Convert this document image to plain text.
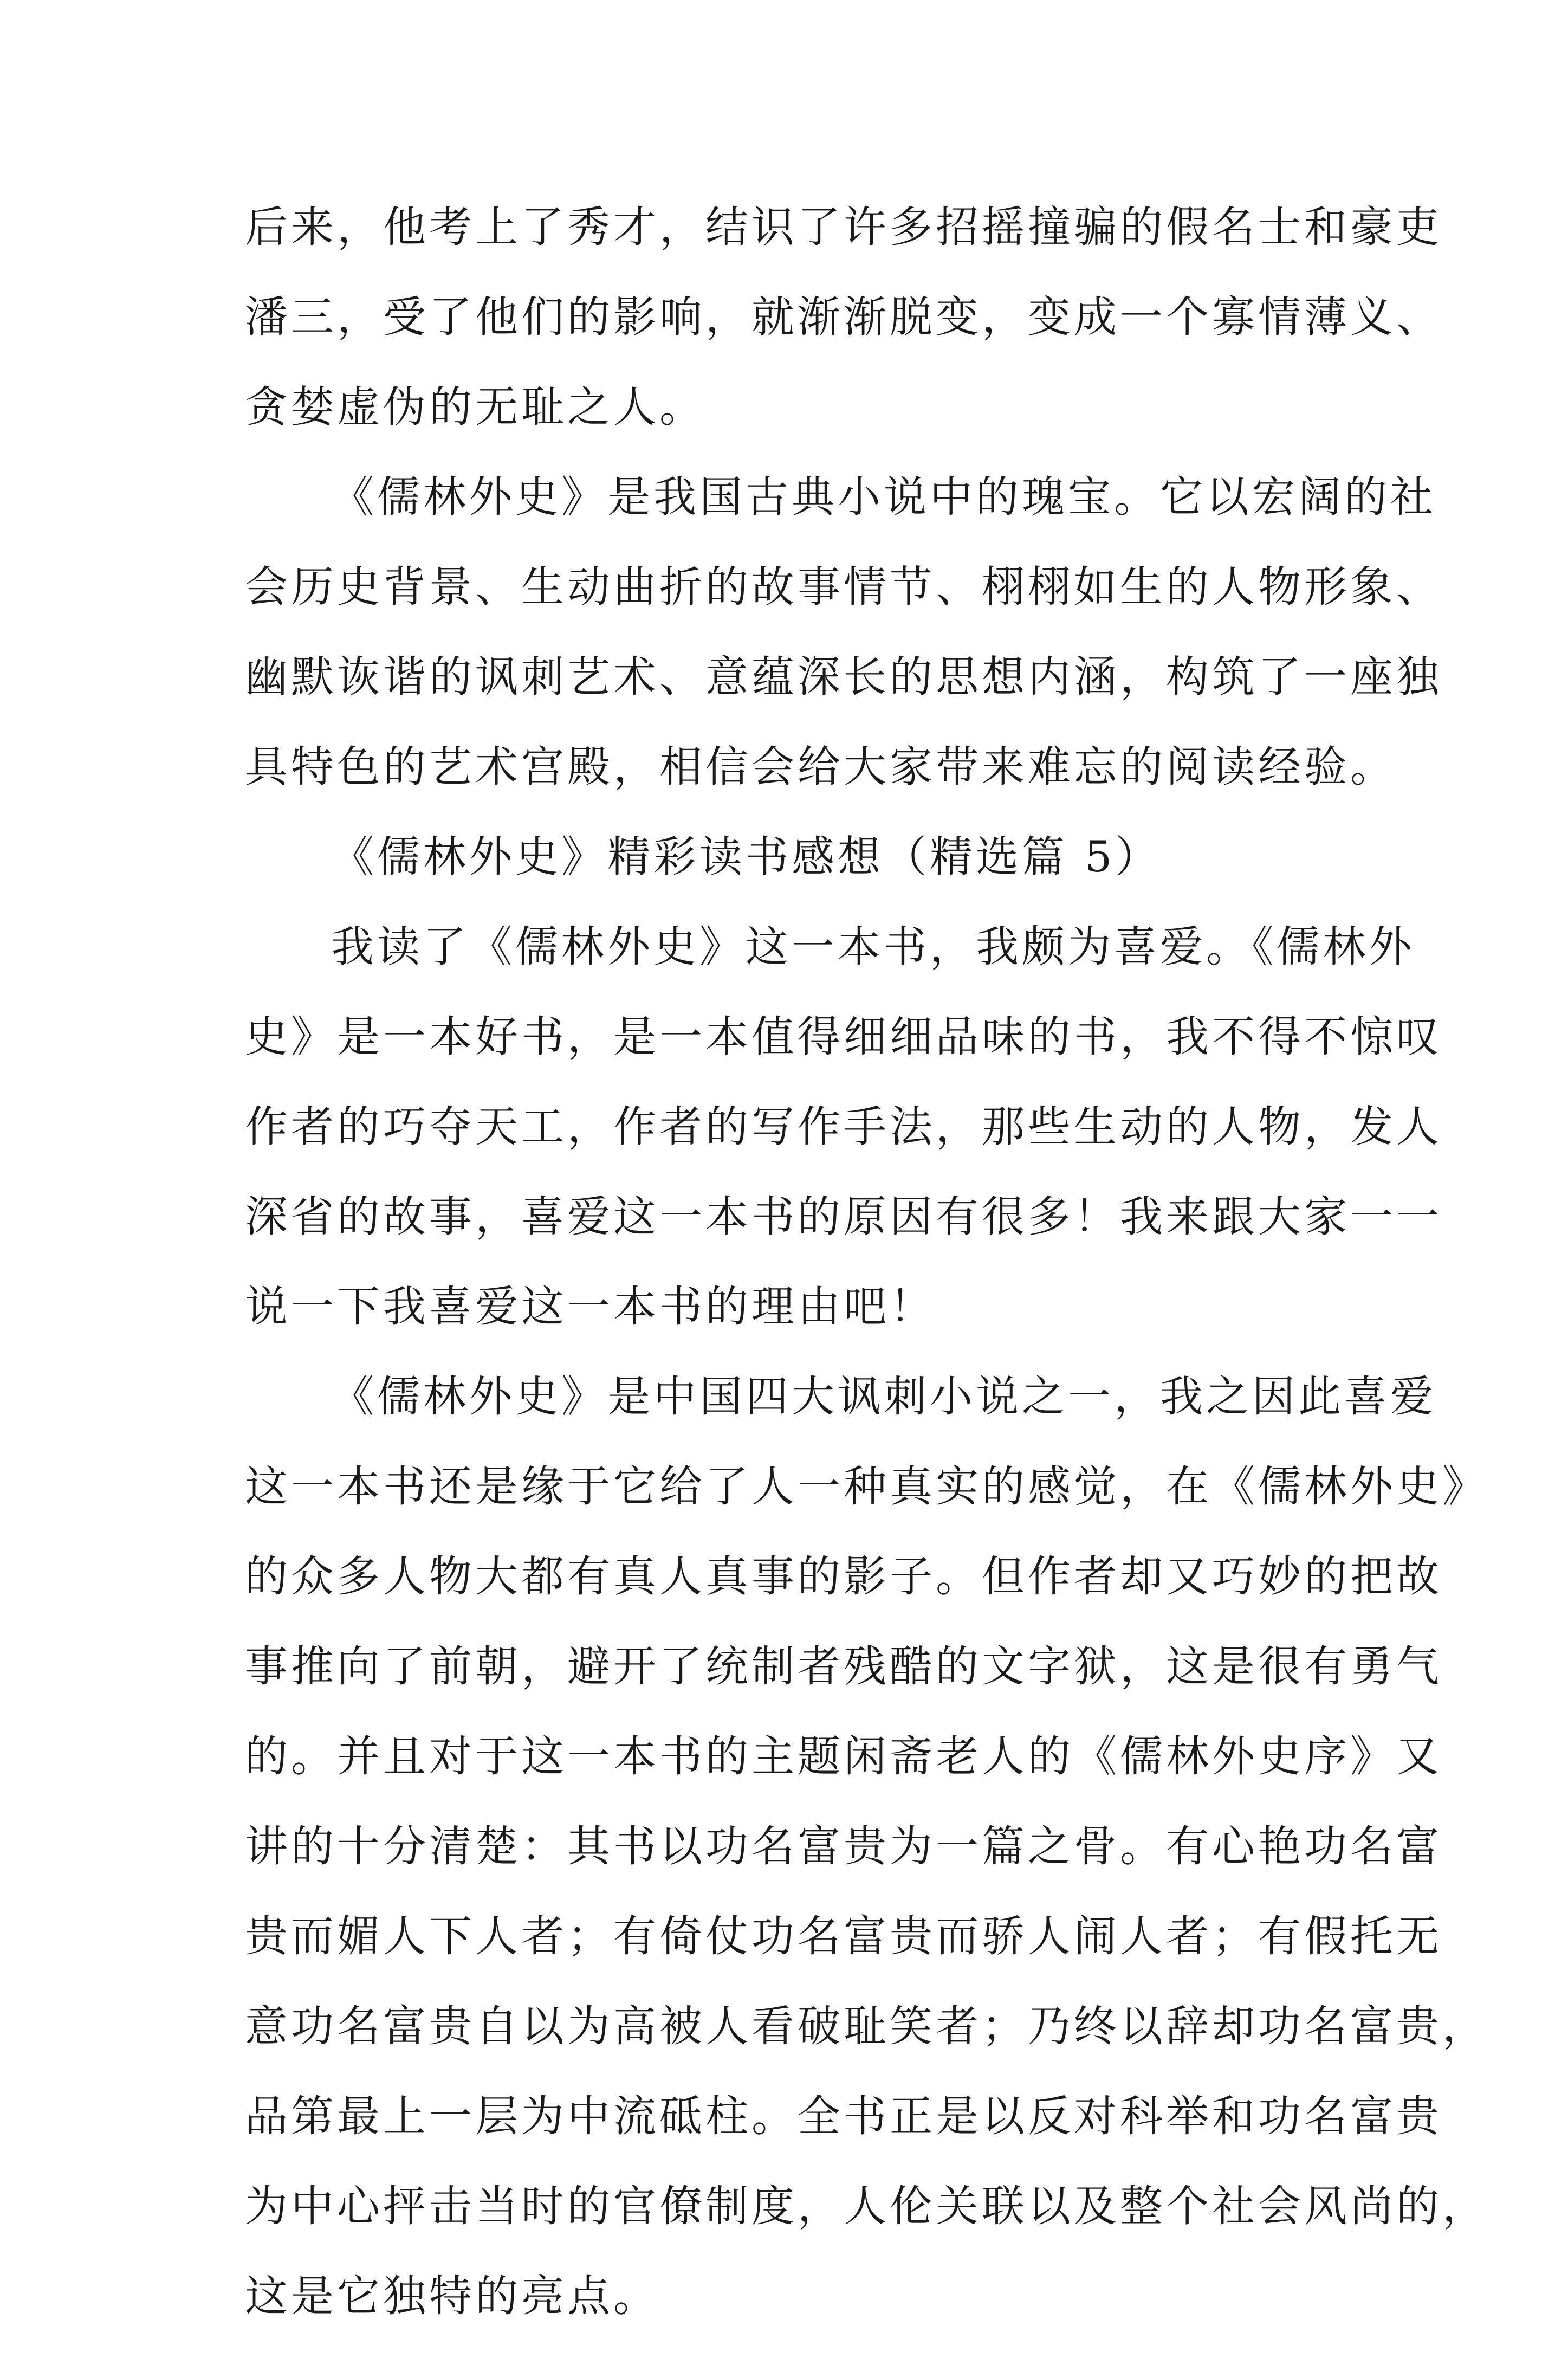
后来，他考上了秀才，结识了许多招摇撞骗的假名士和豪吏
潘三，受了他们的影响，就渐渐脱变，变成一个寡情薄义、
贪婪虚伪的无耻之人。
《儒林外史》是我国古典小说中的瑰宝。它以宏阔的社
会历史背景、生动曲折的故事情节、栩栩如生的人物形象、
幽默诙谐的讽刺艺术、意蕴深长的思想内涵，构筑了一座独
具特色的艺术宫殿，相信会给大家带来难忘的阅读经验。
《儒林外史》精彩读书感想（精选篇 5）
我读了《儒林外史》这一本书，我颇为喜爱。《儒林外
史》是一本好书，是一本值得细细品味的书，我不得不惊叹
作者的巧夺天工，作者的写作手法，那些生动的人物，发人
深省的故事，喜爱这一本书的原因有很多！我来跟大家一一
说一下我喜爱这一本书的理由吧！
《儒林外史》是中国四大讽刺小说之一，我之因此喜爱
这一本书还是缘于它给了人一种真实的感觉，在《儒林外史》
的众多人物大都有真人真事的影子。但作者却又巧妙的把故
事推向了前朝，避开了统制者残酷的文字狱，这是很有勇气
的。并且对于这一本书的主题闲斋老人的《儒林外史序》又
讲的十分清楚：其书以功名富贵为一篇之骨。有心艳功名富
贵而媚人下人者；有倚仗功名富贵而骄人闹人者；有假托无
意功名富贵自以为高被人看破耻笑者；乃终以辞却功名富贵，
品第最上一层为中流砥柱。全书正是以反对科举和功名富贵
为中心抨击当时的官僚制度，人伦关联以及整个社会风尚的，
这是它独特的亮点。
